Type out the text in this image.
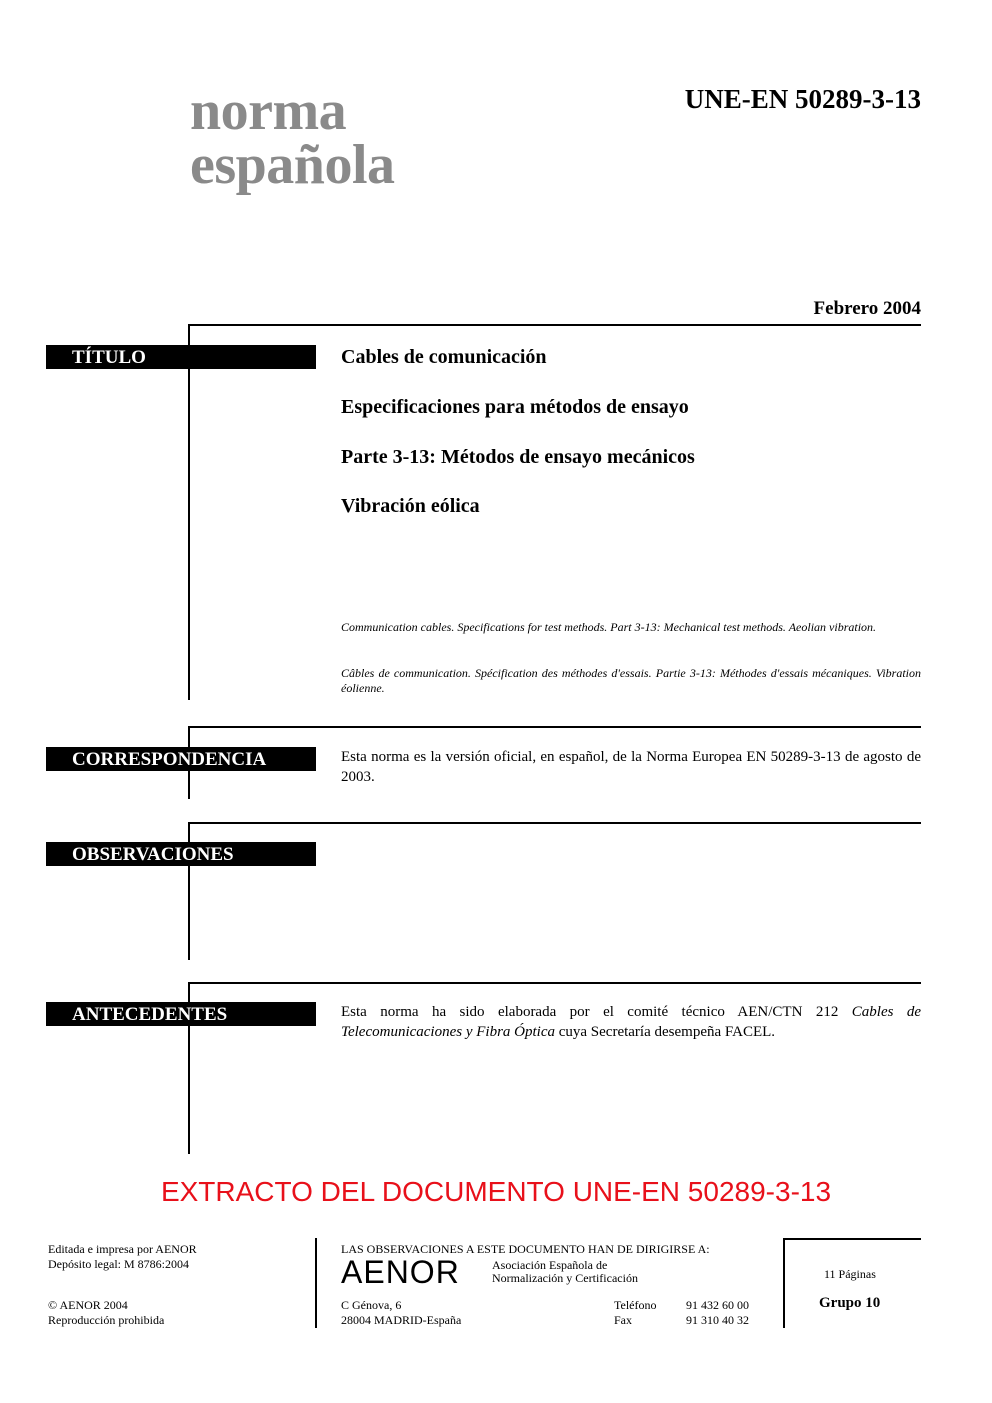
norma
española
UNE-EN 50289-3-13
Febrero 2004
TÍTULO	Cables de comunicación
Especificaciones para métodos de ensayo
Parte 3-13: Métodos de ensayo mecánicos
Vibración eólica
Communication cables. Specifications for test methods. Part 3-13: Mechanical test methods. Aeolian vibration.
Câbles de communication. Spécification des méthodes d'essais. Partie 3-13: Méthodes d'essais mécaniques. Vibration éolienne.
CORRESPONDENCIA	Esta norma es la versión oficial, en español, de la Norma Europea EN 50289-3-13 de agosto de 2003.
OBSERVACIONES
ANTECEDENTES	Esta norma ha sido elaborada por el comité técnico AEN/CTN 212 Cables de Telecomunicaciones y Fibra Óptica cuya Secretaría desempeña FACEL.
EXTRACTO DEL DOCUMENTO UNE-EN 50289-3-13
Editada e impresa por AENOR
Depósito legal: M 8786:2004
© AENOR 2004
Reproducción prohibida
LAS OBSERVACIONES A ESTE DOCUMENTO HAN DE DIRIGIRSE A:
AENOR	Asociación Española de
Normalización y Certificación
C Génova, 6
28004 MADRID-España
Teléfono 91 432 60 00
Fax	91 310 40 32
11 Páginas
Grupo 10
